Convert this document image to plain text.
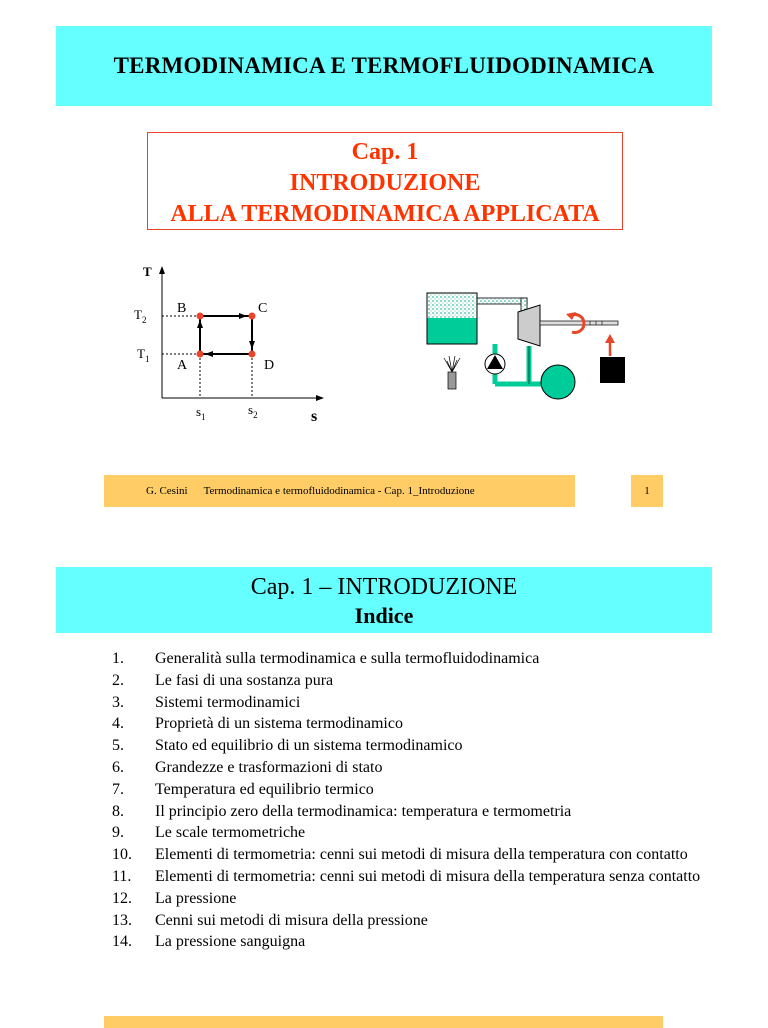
TERMODINAMICA E TERMOFLUIDODINAMICA
Cap. 1
INTRODUZIONE
ALLA TERMODINAMICA APPLICATA
T
s
$T_2$
$T_1$
$s_1$	$s_2$
B	C
A	D
G. Cesini Termodinamica e termofluidodinamica - Cap. 1_Introduzione	1
Cap. 1 – INTRODUZIONE
Indice
1.	Generalità sulla termodinamica e sulla termofluidodinamica
2.	Le fasi di una sostanza pura
3.	Sistemi termodinamici
4.	Proprietà di un sistema termodinamico
5.	Stato ed equilibrio di un sistema termodinamico
6.	Grandezze e trasformazioni di stato
7.	Temperatura ed equilibrio termico
8.	Il principio zero della termodinamica: temperatura e termometria
9.	Le scale termometriche
10.	Elementi di termometria: cenni sui metodi di misura della temperatura con contatto
11.	Elementi di termometria: cenni sui metodi di misura della temperatura senza contatto
12.	La pressione
13.	Cenni sui metodi di misura della pressione
14.	La pressione sanguigna
